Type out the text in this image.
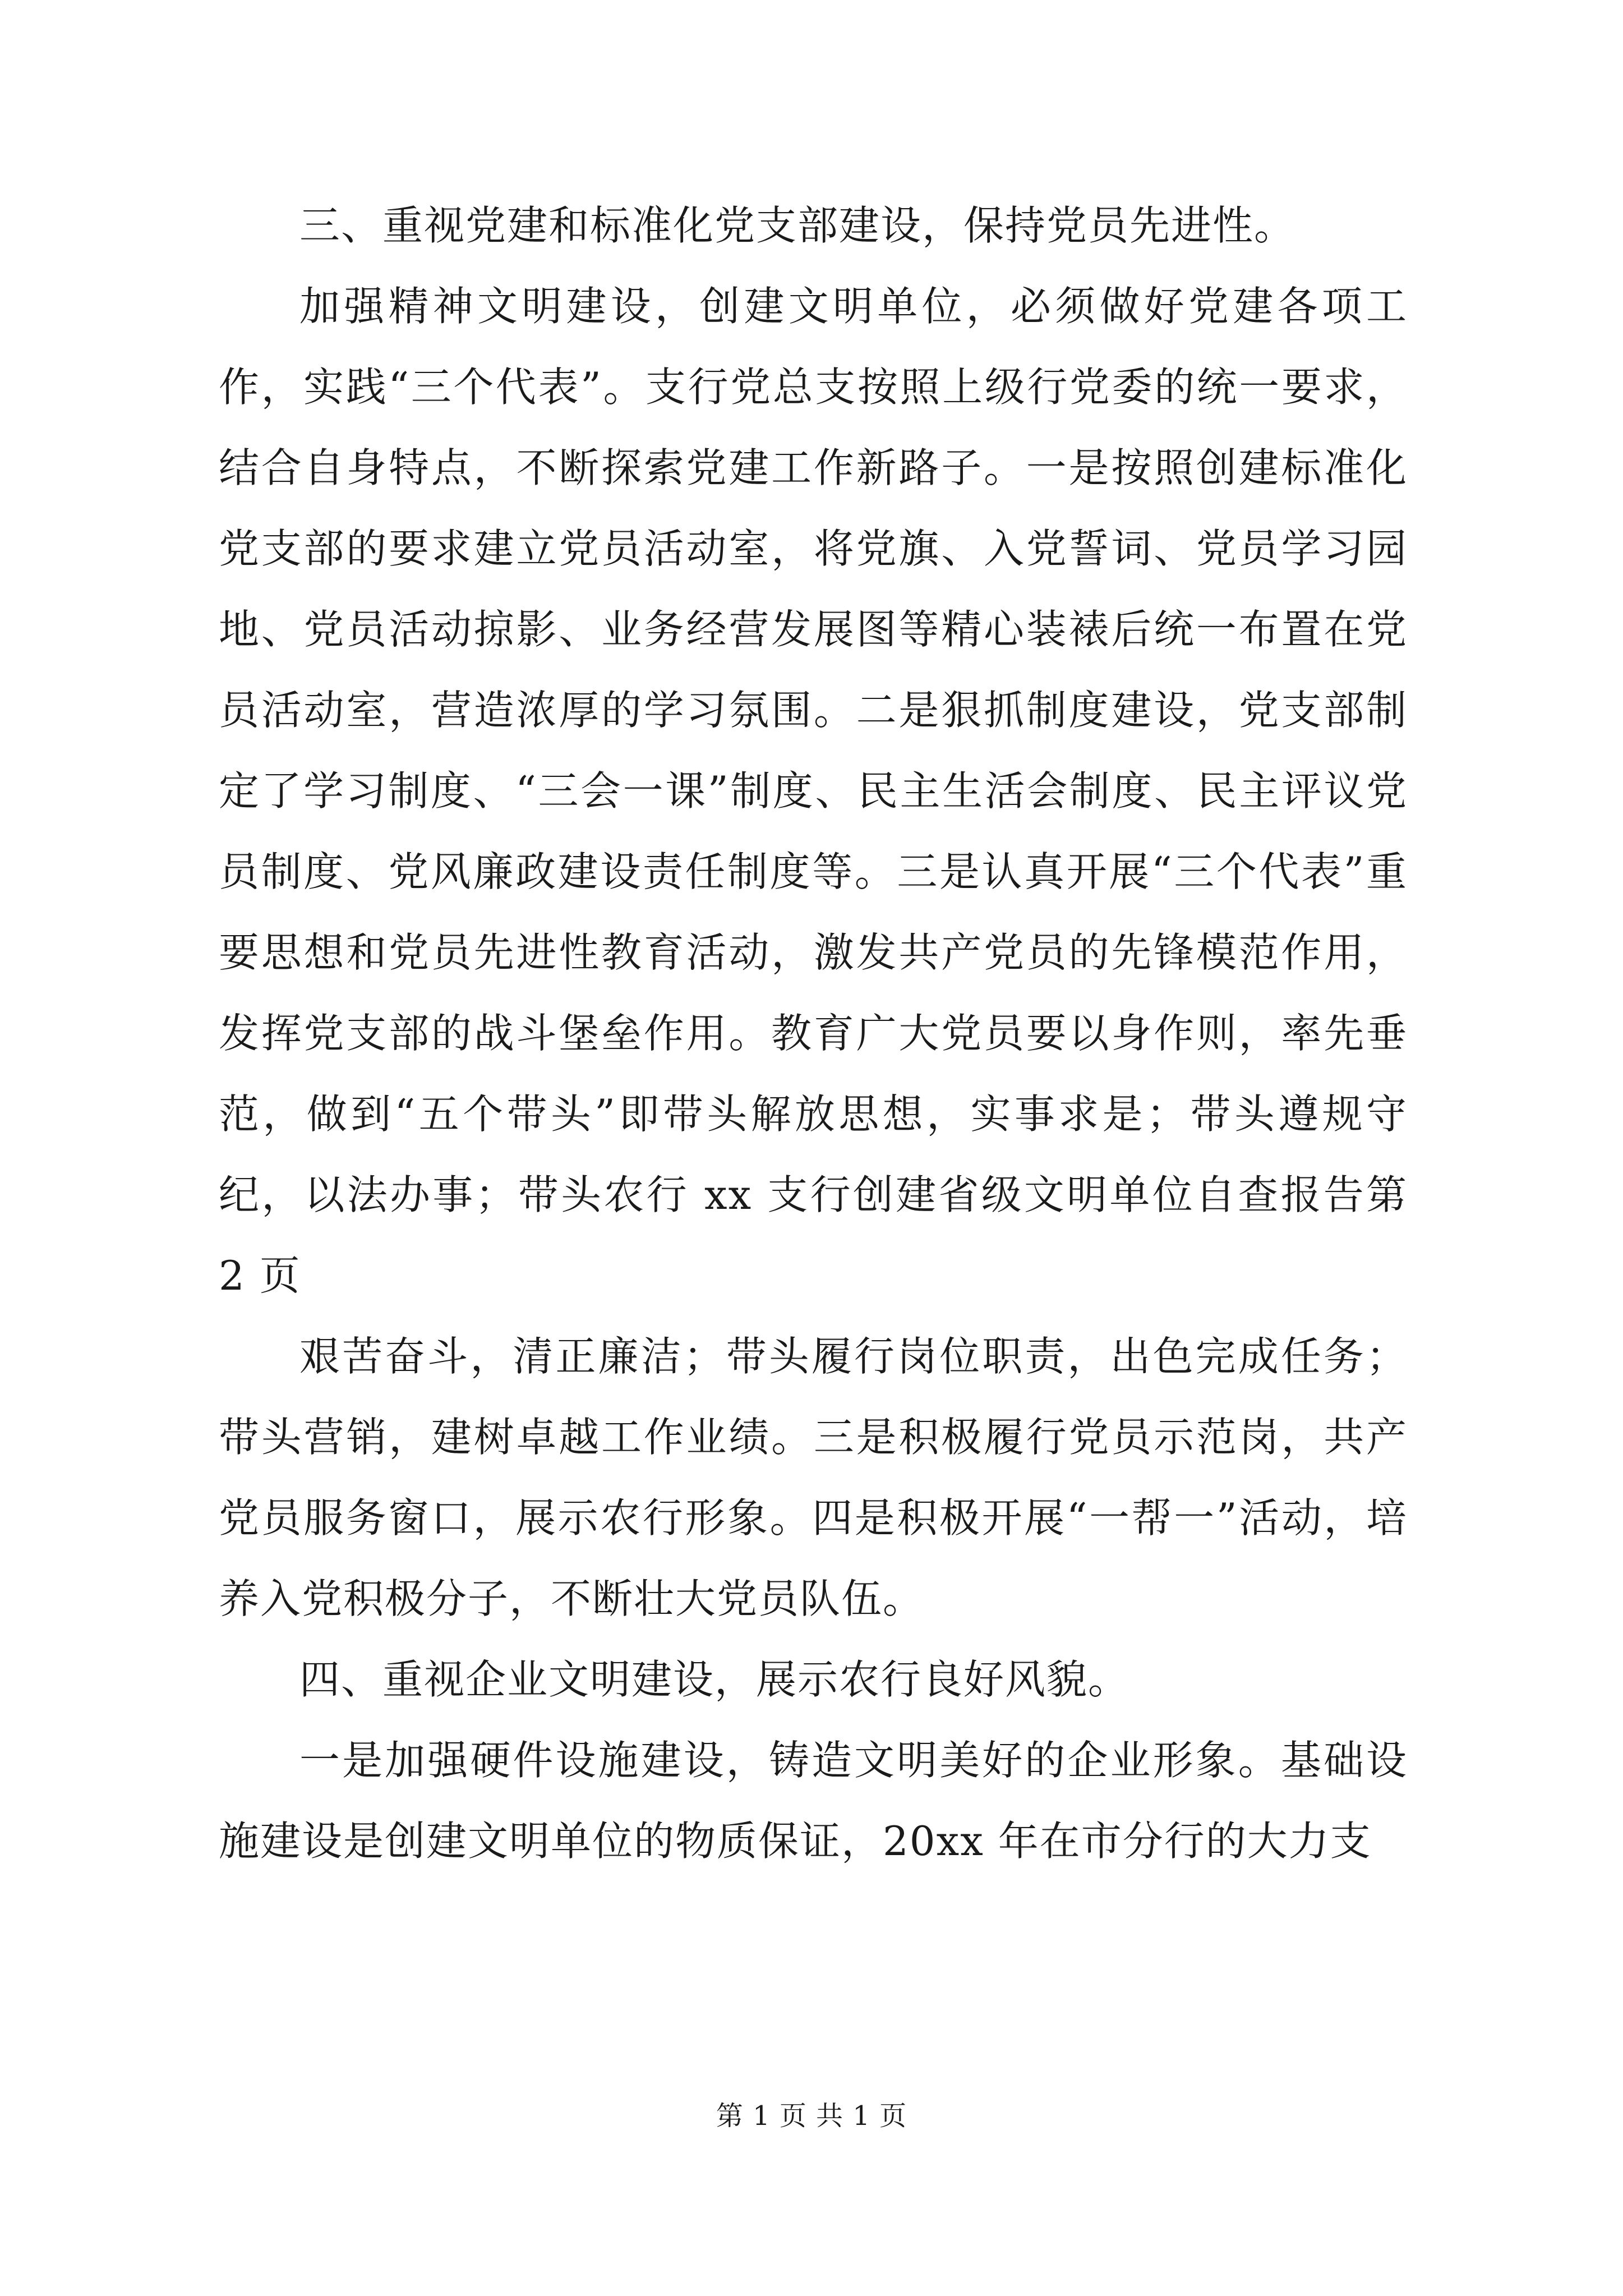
三、重视党建和标准化党支部建设，保持党员先进性。

加强精神文明建设，创建文明单位，必须做好党建各项工作，实践“三个代表”。支行党总支按照上级行党委的统一要求，结合自身特点，不断探索党建工作新路子。一是按照创建标准化党支部的要求建立党员活动室，将党旗、入党誓词、党员学习园地、党员活动掠影、业务经营发展图等精心装裱后统一布置在党员活动室，营造浓厚的学习氛围。二是狠抓制度建设，党支部制定了学习制度、“三会一课”制度、民主生活会制度、民主评议党员制度、党风廉政建设责任制度等。三是认真开展“三个代表”重要思想和党员先进性教育活动，激发共产党员的先锋模范作用，发挥党支部的战斗堡垒作用。教育广大党员要以身作则，率先垂范，做到“五个带头”即带头解放思想，实事求是；带头遵规守纪，以法办事；带头农行 xx 支行创建省级文明单位自查报告第 2 页

艰苦奋斗，清正廉洁；带头履行岗位职责，出色完成任务；带头营销，建树卓越工作业绩。三是积极履行党员示范岗，共产党员服务窗口，展示农行形象。四是积极开展“一帮一”活动，培养入党积极分子，不断壮大党员队伍。

四、重视企业文明建设，展示农行良好风貌。

一是加强硬件设施建设，铸造文明美好的企业形象。基础设施建设是创建文明单位的物质保证，20xx 年在市分行的大力支

第 1 页 共 1 页
